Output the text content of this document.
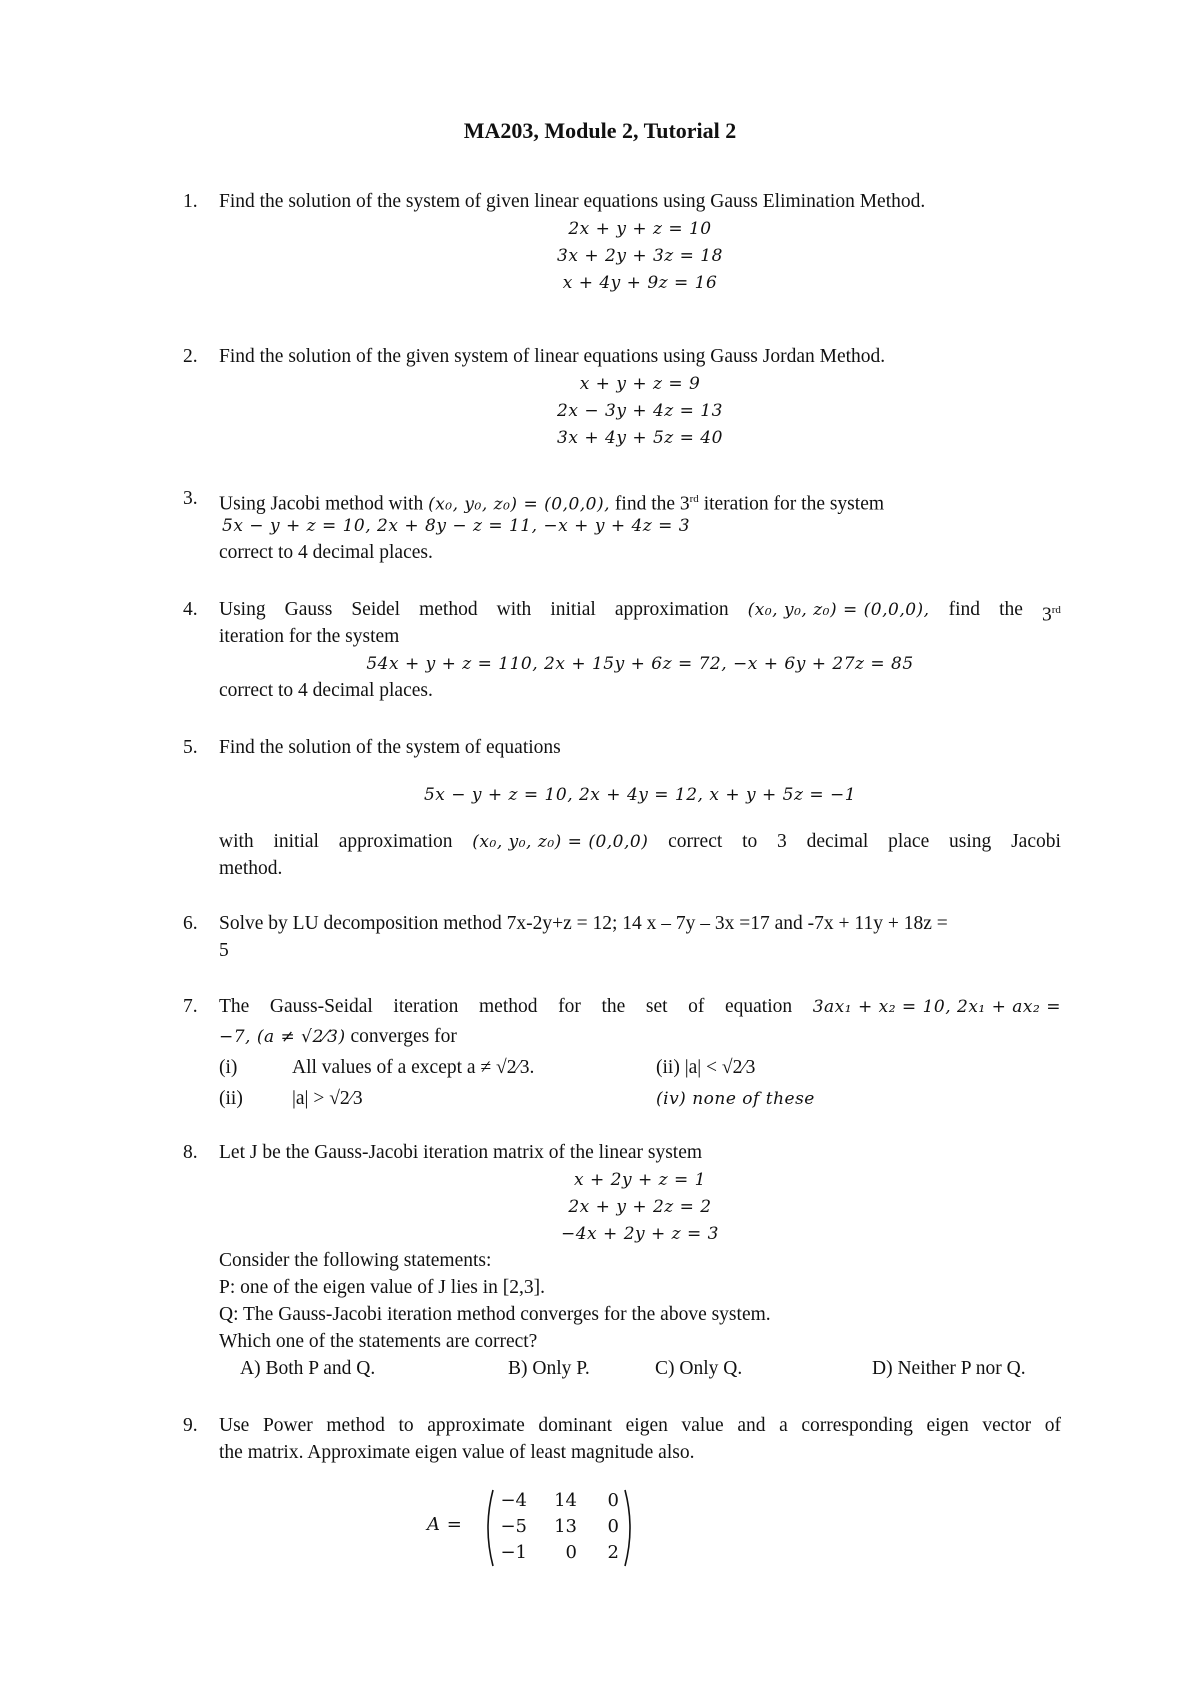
MA203, Module 2, Tutorial 2
1. Find the solution of the system of given linear equations using Gauss Elimination Method.
2x + y + z = 10
3x + 2y + 3z = 18
x + 4y + 9z = 16
2. Find the solution of the given system of linear equations using Gauss Jordan Method.
x + y + z = 9
2x − 3y + 4z = 13
3x + 4y + 5z = 40
3. Using Jacobi method with (x₀, y₀, z₀) = (0,0,0), find the 3rd iteration for the system
5x − y + z = 10, 2x + 8y − z = 11, −x + y + 4z = 3
correct to 4 decimal places.
4. Using Gauss Seidel method with initial approximation (x₀, y₀, z₀) = (0,0,0), find the 3rd
iteration for the system
54x + y + z = 110, 2x + 15y + 6z = 72, −x + 6y + 27z = 85
correct to 4 decimal places.
5. Find the solution of the system of equations
5x − y + z = 10, 2x + 4y = 12, x + y + 5z = −1
with initial approximation (x₀, y₀, z₀) = (0,0,0) correct to 3 decimal place using Jacobi
method.
6. Solve by LU decomposition method 7x-2y+z = 12; 14 x – 7y – 3x =17 and -7x + 11y + 18z =
5
7. The Gauss-Seidal iteration method for the set of equation 3ax₁ + x₂ = 10, 2x₁ + ax₂ =
−7, (a ≠ √2⁄3) converges for
(i)	All values of a except a ≠ √2⁄3.	(ii) |a| < √2⁄3
(ii)	|a| > √2⁄3	(iv) none of these
8. Let J be the Gauss-Jacobi iteration matrix of the linear system
x + 2y + z = 1
2x + y + 2z = 2
−4x + 2y + z = 3
Consider the following statements:
P: one of the eigen value of J lies in [2,3].
Q: The Gauss-Jacobi iteration method converges for the above system.
Which one of the statements are correct?
A) Both P and Q.	B) Only P.	C) Only Q.	D) Neither P nor Q.
9. Use Power method to approximate dominant eigen value and a corresponding eigen vector of
the matrix. Approximate eigen value of least magnitude also.
A =
−4	14	0
−5	13	0
−1	0	2
